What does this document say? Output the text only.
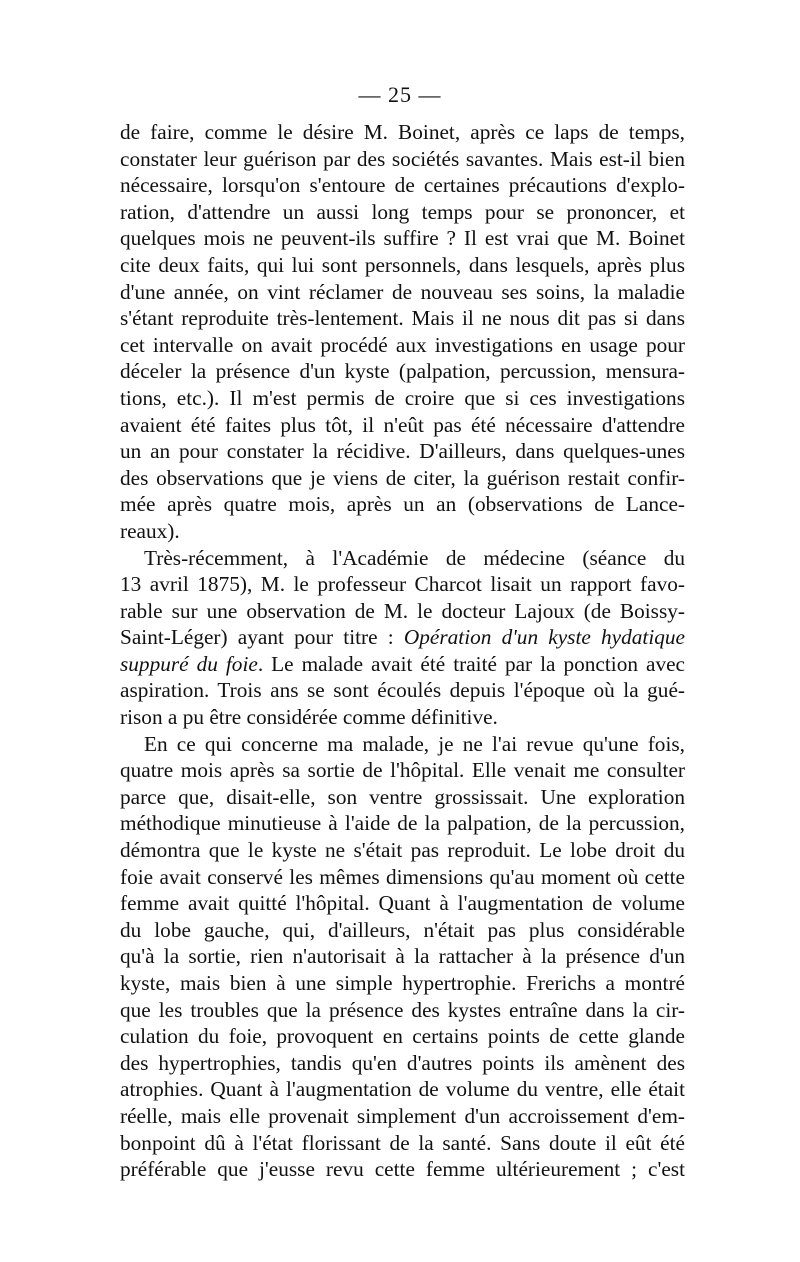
— 25 —
de faire, comme le désire M. Boinet, après ce laps de temps,
constater leur guérison par des sociétés savantes. Mais est-il bien
nécessaire, lorsqu'on s'entoure de certaines précautions d'explo-
ration, d'attendre un aussi long temps pour se prononcer, et
quelques mois ne peuvent-ils suffire ? Il est vrai que M. Boinet
cite deux faits, qui lui sont personnels, dans lesquels, après plus
d'une année, on vint réclamer de nouveau ses soins, la maladie
s'étant reproduite très-lentement. Mais il ne nous dit pas si dans
cet intervalle on avait procédé aux investigations en usage pour
déceler la présence d'un kyste (palpation, percussion, mensura-
tions, etc.). Il m'est permis de croire que si ces investigations
avaient été faites plus tôt, il n'eût pas été nécessaire d'attendre
un an pour constater la récidive. D'ailleurs, dans quelques-unes
des observations que je viens de citer, la guérison restait confir-
mée après quatre mois, après un an (observations de Lance-
reaux).
Très-récemment, à l'Académie de médecine (séance du
13 avril 1875), M. le professeur Charcot lisait un rapport favo-
rable sur une observation de M. le docteur Lajoux (de Boissy-
Saint-Léger) ayant pour titre : Opération d'un kyste hydatique
suppuré du foie. Le malade avait été traité par la ponction avec
aspiration. Trois ans se sont écoulés depuis l'époque où la gué-
rison a pu être considérée comme définitive.
En ce qui concerne ma malade, je ne l'ai revue qu'une fois,
quatre mois après sa sortie de l'hôpital. Elle venait me consulter
parce que, disait-elle, son ventre grossissait. Une exploration
méthodique minutieuse à l'aide de la palpation, de la percussion,
démontra que le kyste ne s'était pas reproduit. Le lobe droit du
foie avait conservé les mêmes dimensions qu'au moment où cette
femme avait quitté l'hôpital. Quant à l'augmentation de volume
du lobe gauche, qui, d'ailleurs, n'était pas plus considérable
qu'à la sortie, rien n'autorisait à la rattacher à la présence d'un
kyste, mais bien à une simple hypertrophie. Frerichs a montré
que les troubles que la présence des kystes entraîne dans la cir-
culation du foie, provoquent en certains points de cette glande
des hypertrophies, tandis qu'en d'autres points ils amènent des
atrophies. Quant à l'augmentation de volume du ventre, elle était
réelle, mais elle provenait simplement d'un accroissement d'em-
bonpoint dû à l'état florissant de la santé. Sans doute il eût été
préférable que j'eusse revu cette femme ultérieurement ; c'est
